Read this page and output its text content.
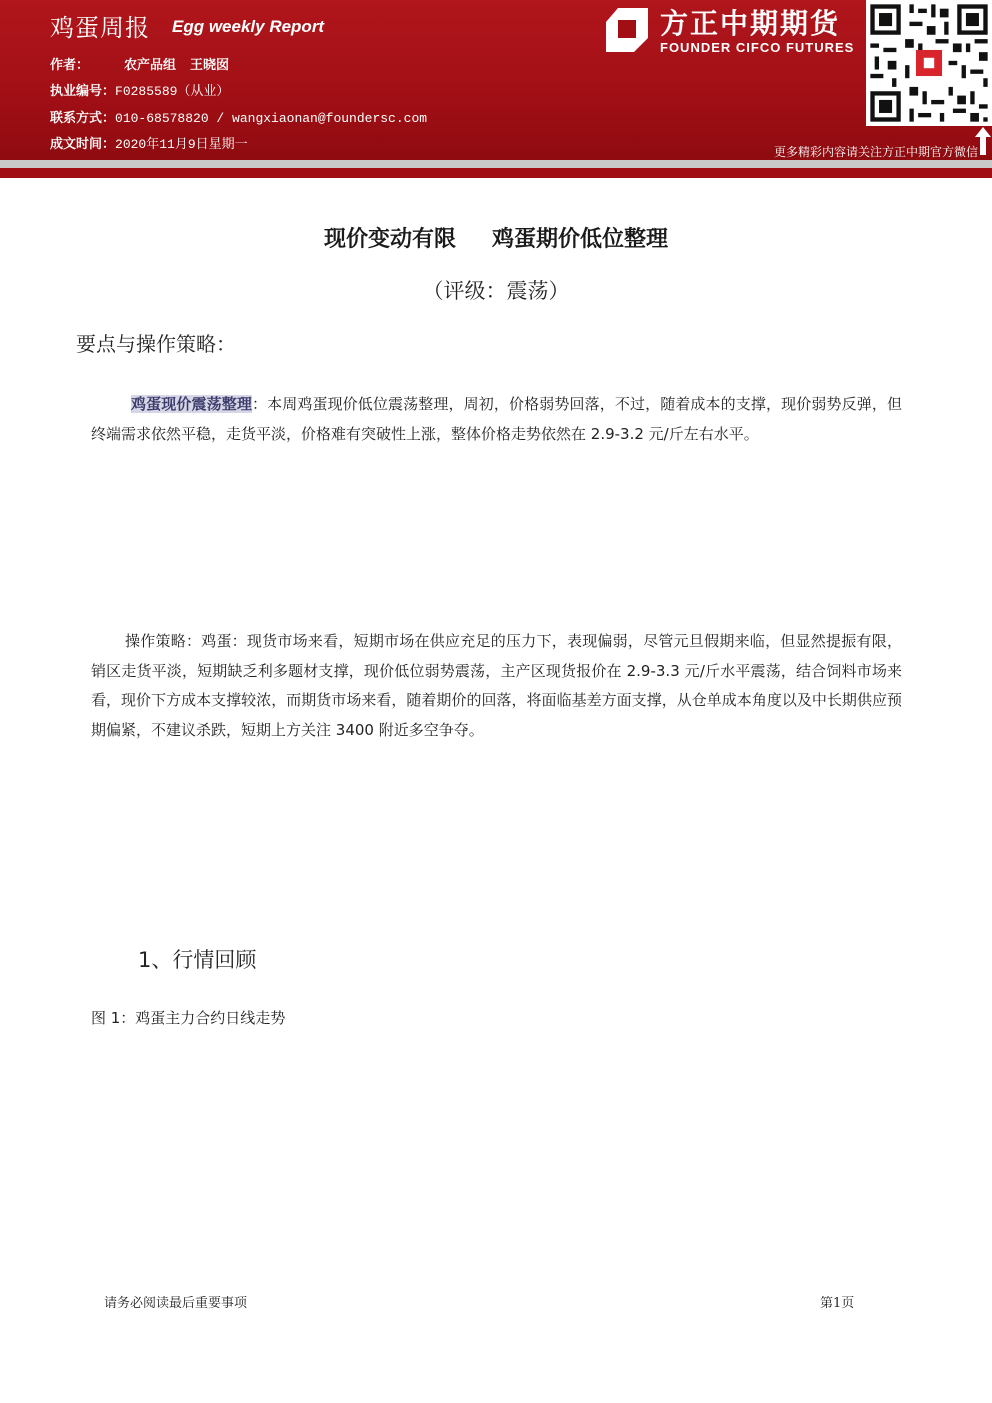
鸡蛋周报 Egg weekly Report
作者：	农产品组 王晓囡
执业编号：F0285589（从业）
联系方式：010-68578820 / wangxiaonan@foundersc.com
成文时间：2020年11月9日星期一
方正中期期货
FOUNDER CIFCO FUTURES
更多精彩内容请关注方正中期官方微信
现价变动有限 鸡蛋期价低位整理
（评级：震荡）
要点与操作策略：
鸡蛋现价震荡整理：本周鸡蛋现价低位震荡整理，周初，价格弱势回落，不过，随着成本的支撑，现价弱势反弹，但终端需求依然平稳，走货平淡，价格难有突破性上涨，整体价格走势依然在 2.9-3.2 元/斤左右水平。
操作策略：鸡蛋：现货市场来看，短期市场在供应充足的压力下，表现偏弱，尽管元旦假期来临，但显然提振有限，销区走货平淡，短期缺乏利多题材支撑，现价低位弱势震荡，主产区现货报价在 2.9-3.3 元/斤水平震荡，结合饲料市场来看，现价下方成本支撑较浓，而期货市场来看，随着期价的回落，将面临基差方面支撑，从仓单成本角度以及中长期供应预期偏紧，不建议杀跌，短期上方关注 3400 附近多空争夺。
1、行情回顾
图 1：鸡蛋主力合约日线走势
请务必阅读最后重要事项	第1页
